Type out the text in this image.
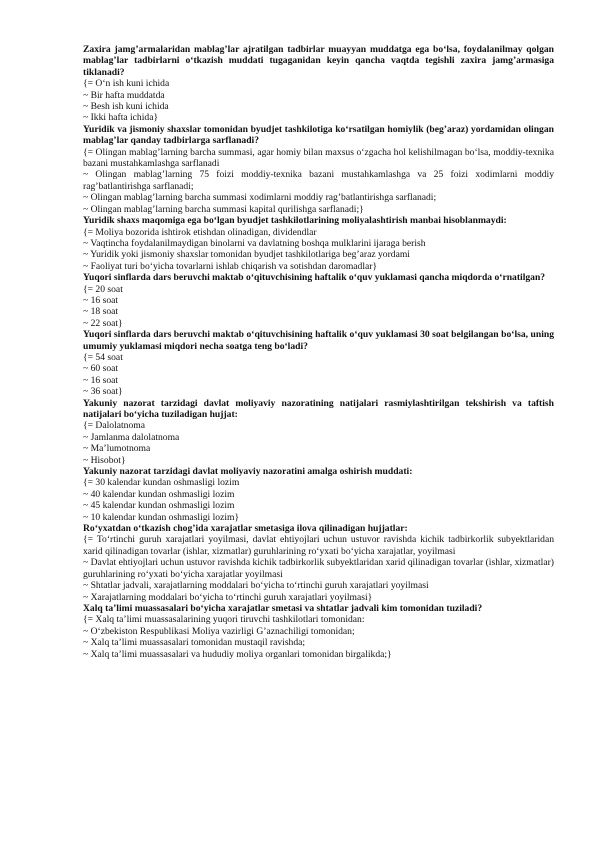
Zaxira jamg’armalaridan mablag’lar ajratilgan tadbirlar muayyan muddatga ega bo‘lsa, foydalanilmay qolgan mablag’lar tadbirlarni o‘tkazish muddati tugaganidan keyin qancha vaqtda tegishli zaxira jamg’armasiga tiklanadi?
{= O‘n ish kuni ichida
~ Bir hafta muddatda
~ Besh ish kuni ichida
~ Ikki hafta ichida}
Yuridik va jismoniy shaxslar tomonidan byudjet tashkilotiga ko‘rsatilgan homiylik (beg’araz) yordamidan olingan mablag’lar qanday tadbirlarga sarflanadi?
{= Olingan mablag’larning barcha summasi, agar homiy bilan maxsus o‘zgacha hol kelishilmagan bo‘lsa, moddiy-texnika bazani mustahkamlashga sarflanadi
~ Olingan mablag’larning 75 foizi moddiy-texnika bazani mustahkamlashga va 25 foizi xodimlarni moddiy rag’batlantirishga sarflanadi;
~ Olingan mablag’larning barcha summasi xodimlarni moddiy rag’batlantirishga sarflanadi;
~ Olingan mablag’larning barcha summasi kapital qurilishga sarflanadi;}
Yuridik shaxs maqomiga ega bo‘lgan byudjet tashkilotlarining moliyalashtirish manbai hisoblanmaydi:
{= Moliya bozorida ishtirok etishdan olinadigan, dividendlar
~ Vaqtincha foydalanilmaydigan binolarni va davlatning boshqa mulklarini ijaraga berish
~ Yuridik yoki jismoniy shaxslar tomonidan byudjet tashkilotlariga beg’araz yordami
~ Faoliyat turi bo‘yicha tovarlarni ishlab chiqarish va sotishdan daromadlar}
Yuqori sinflarda dars beruvchi maktab o‘qituvchisining haftalik o‘quv yuklamasi qancha miqdorda o‘rnatilgan?
{= 20 soat
~ 16 soat
~ 18 soat
~ 22 soat}
Yuqori sinflarda dars beruvchi maktab o‘qituvchisining haftalik o‘quv yuklamasi 30 soat belgilangan bo‘lsa, uning umumiy yuklamasi miqdori necha soatga teng bo‘ladi?
{= 54 soat
~ 60 soat
~ 16 soat
~ 36 soat}
Yakuniy nazorat tarzidagi davlat moliyaviy nazoratining natijalari rasmiylashtirilgan tekshirish va taftish natijalari bo‘yicha tuziladigan hujjat:
{= Dalolatnoma
~ Jamlanma dalolatnoma
~ Ma’lumotnoma
~ Hisobot}
Yakuniy nazorat tarzidagi davlat moliyaviy nazoratini amalga oshirish muddati:
{= 30 kalendar kundan oshmasligi lozim
~ 40 kalendar kundan oshmasligi lozim
~ 45 kalendar kundan oshmasligi lozim
~ 10 kalendar kundan oshmasligi lozim}
Ro‘yxatdan o‘tkazish chog’ida xarajatlar smetasiga ilova qilinadigan hujjatlar:
{= To‘rtinchi guruh xarajatlari yoyilmasi, davlat ehtiyojlari uchun ustuvor ravishda kichik tadbirkorlik subyektlaridan xarid qilinadigan tovarlar (ishlar, xizmatlar) guruhlarining ro‘yxati bo‘yicha xarajatlar, yoyilmasi
~ Davlat ehtiyojlari uchun ustuvor ravishda kichik tadbirkorlik subyektlaridan xarid qilinadigan tovarlar (ishlar, xizmatlar) guruhlarining ro‘yxati bo‘yicha xarajatlar yoyilmasi
~ Shtatlar jadvali, xarajatlarning moddalari bo‘yicha to‘rtinchi guruh xarajatlari yoyilmasi
~ Xarajatlarning moddalari bo‘yicha to‘rtinchi guruh xarajatlari yoyilmasi}
Xalq ta’limi muassasalari bo‘yicha xarajatlar smetasi va shtatlar jadvali kim tomonidan tuziladi?
{= Xalq ta’limi muassasalarining yuqori tiruvchi tashkilotlari tomonidan:
~ O‘zbekiston Respublikasi Moliya vazirligi G’aznachiligi tomonidan;
~ Xalq ta’limi muassasalari tomonidan mustaqil ravishda;
~ Xalq ta’limi muassasalari va hududiy moliya organlari tomonidan birgalikda;}
